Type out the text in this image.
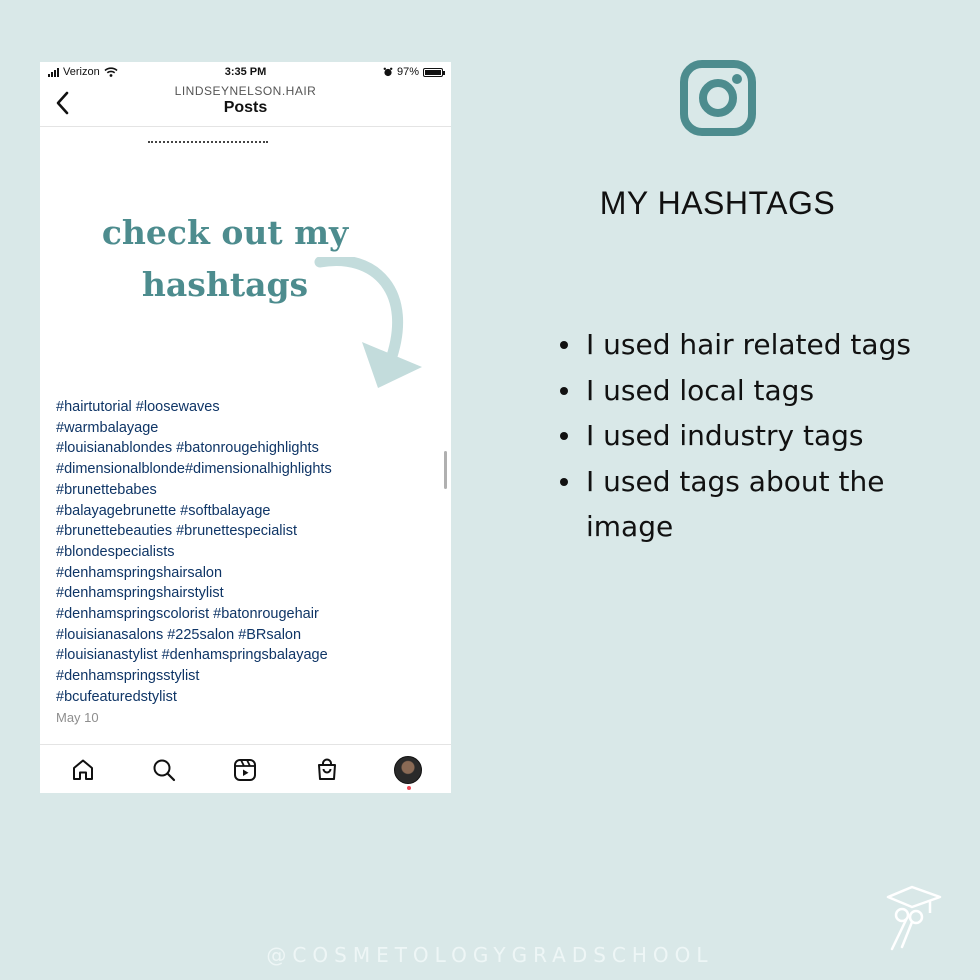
Verizon	3:35 PM	97%
LINDSEYNELSON.HAIR
Posts
check out my
hashtags
#hairtutorial #loosewaves
#warmbalayage
#louisianablondes #batonrougehighlights
#dimensionalblonde#dimensionalhighlights
#brunettebabes
#balayagebrunette #softbalayage
#brunettebeauties #brunettespecialist
#blondespecialists
#denhamspringshairsalon
#denhamspringshairstylist
#denhamspringscolorist #batonrougehair
#louisianasalons #225salon #BRsalon
#louisianastylist #denhamspringsbalayage
#denhamspringsstylist
#bcufeaturedstylist
May 10
MY HASHTAGS
I used hair related tags
I used local tags
I used industry tags
I used tags about the image
@COSMETOLOGYGRADSCHOOL
